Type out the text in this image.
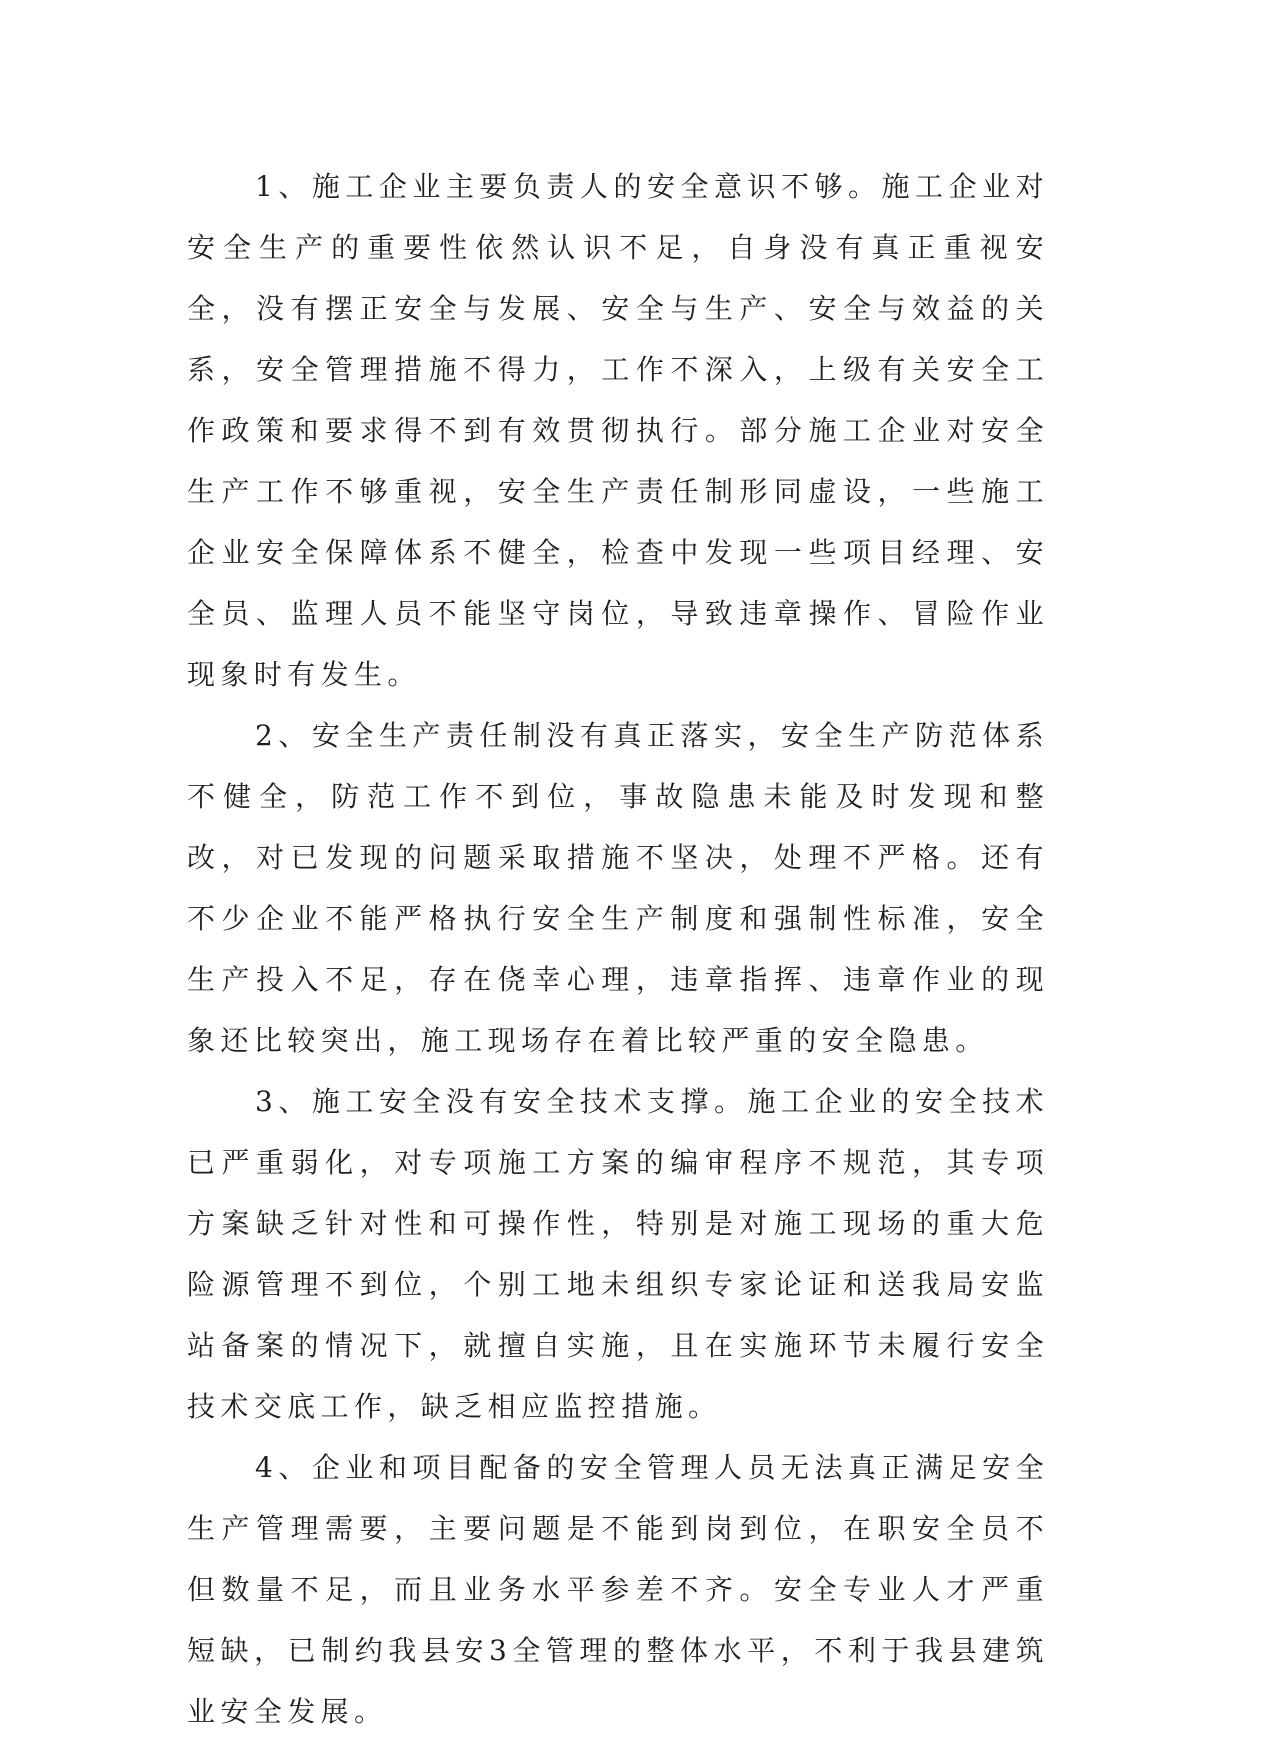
1、施工企业主要负责人的安全意识不够。施工企业对安全生产的重要性依然认识不足，自身没有真正重视安全，没有摆正安全与发展、安全与生产、安全与效益的关系，安全管理措施不得力，工作不深入，上级有关安全工作政策和要求得不到有效贯彻执行。部分施工企业对安全生产工作不够重视，安全生产责任制形同虚设，一些施工企业安全保障体系不健全，检查中发现一些项目经理、安全员、监理人员不能坚守岗位，导致违章操作、冒险作业现象时有发生。

2、安全生产责任制没有真正落实，安全生产防范体系不健全，防范工作不到位，事故隐患未能及时发现和整改，对已发现的问题采取措施不坚决，处理不严格。还有不少企业不能严格执行安全生产制度和强制性标准，安全生产投入不足，存在侥幸心理，违章指挥、违章作业的现象还比较突出，施工现场存在着比较严重的安全隐患。

3、施工安全没有安全技术支撑。施工企业的安全技术已严重弱化，对专项施工方案的编审程序不规范，其专项方案缺乏针对性和可操作性，特别是对施工现场的重大危险源管理不到位，个别工地未组织专家论证和送我局安监站备案的情况下，就擅自实施，且在实施环节未履行安全技术交底工作，缺乏相应监控措施。

4、企业和项目配备的安全管理人员无法真正满足安全生产管理需要，主要问题是不能到岗到位，在职安全员不但数量不足，而且业务水平参差不齐。安全专业人才严重短缺，已制约我县安3全管理的整体水平，不利于我县建筑业安全发展。
